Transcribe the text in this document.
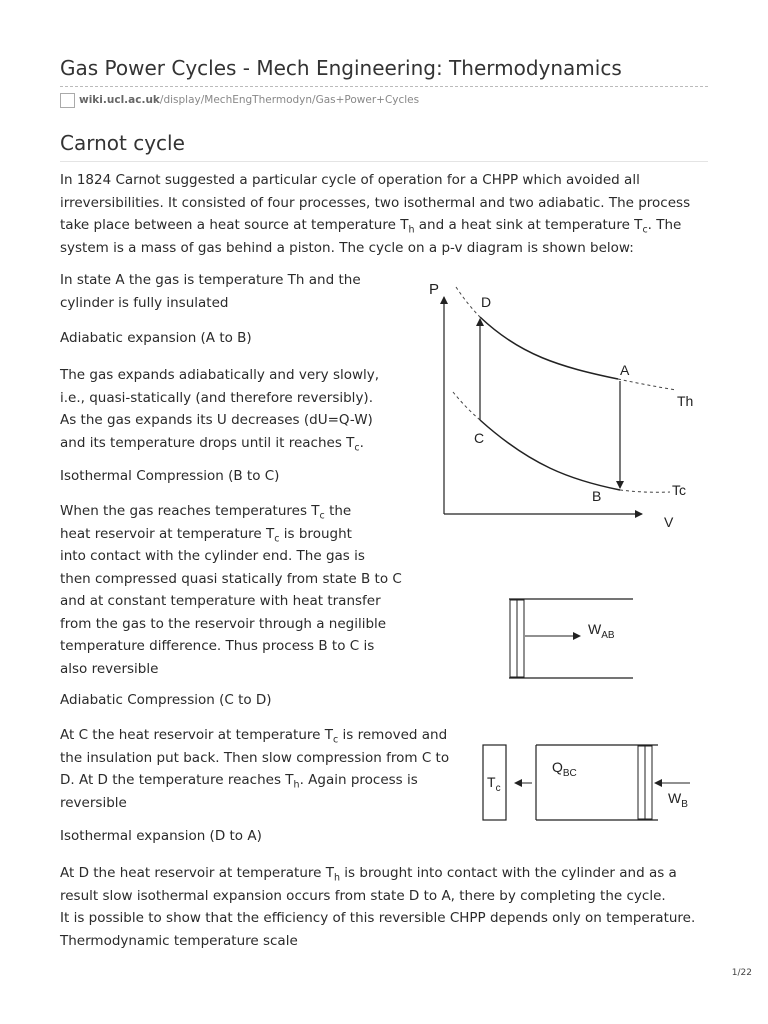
Gas Power Cycles - Mech Engineering: Thermodynamics
wiki.ucl.ac.uk /display/MechEngThermodyn/Gas+Power+Cycles
Carnot cycle
In 1824 Carnot suggested a particular cycle of operation for a CHPP which avoided all
irreversibilities. It consisted of four processes, two isothermal and two adiabatic. The process
take place between a heat source at temperature $T_h$ and a heat sink at temperature $T_c$. The
system is a mass of gas behind a piston. The cycle on a p-v diagram is shown below:
In state A the gas is temperature Th and the
cylinder is fully insulated
Adiabatic expansion (A to B)
The gas expands adiabatically and very slowly,
i.e., quasi-statically (and therefore reversibly).
As the gas expands its U decreases (dU=Q-W)
and its temperature drops until it reaches $T_c$.
Isothermal Compression (B to C)
When the gas reaches temperatures $T_c$ the
heat reservoir at temperature $T_c$ is brought
into contact with the cylinder end. The gas is
then compressed quasi statically from state B to C
and at constant temperature with heat transfer
from the gas to the reservoir through a negilible
temperature difference. Thus process B to C is
also reversible
Adiabatic Compression (C to D)
At C the heat reservoir at temperature $T_c$ is removed and
the insulation put back. Then slow compression from C to
D. At D the temperature reaches $T_h$. Again process is
reversible
Isothermal expansion (D to A)
At D the heat reservoir at temperature $T_h$ is brought into contact with the cylinder and as a
result slow isothermal expansion occurs from state D to A, there by completing the cycle.
It is possible to show that the efficiency of this reversible CHPP depends only on temperature.
Thermodynamic temperature scale
P
V
D
A
C
B
Th
Tc
$W_{AB}$
$T_c$
$Q_{BC}$
$W_B$
1/22
